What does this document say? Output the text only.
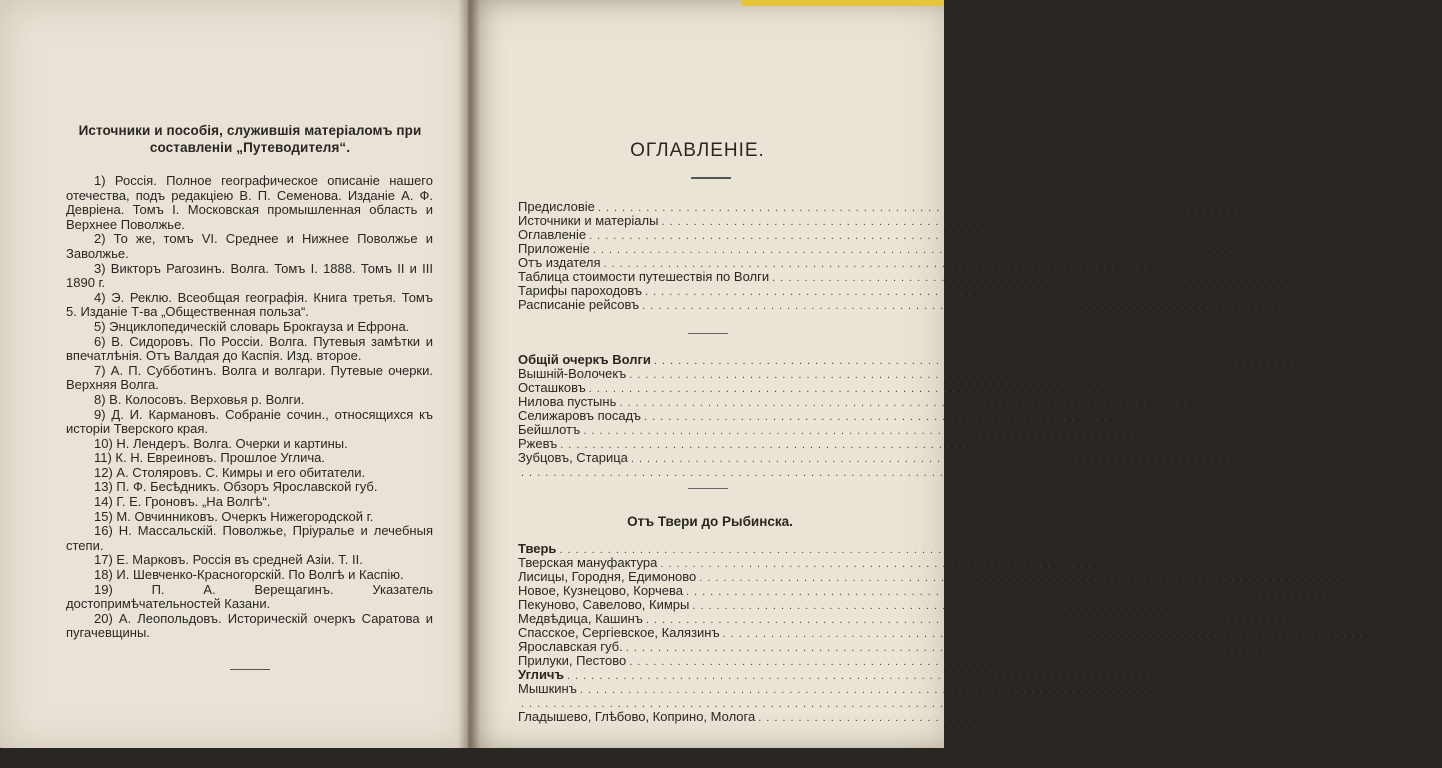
Источники и пособія, служившія матеріаломъ при
составленіи „Путеводителя“.

1) Россія. Полное географическое описаніе нашего отечества, подъ редакціею В. П. Семенова. Изданіе А. Ф. Девріена. Томъ I. Московская промышленная область и Верхнее Поволжье.

2) То же, томъ VI. Среднее и Нижнее Поволжье и Заволжье.

3) Викторъ Рагозинъ. Волга. Томъ I. 1888. Томъ II и III 1890 г.

4) Э. Реклю. Всеобщая географія. Книга третья. Томъ 5. Изданіе Т-ва „Общественная польза“.

5) Энциклопедическій словарь Брокгауза и Ефрона.

6) В. Сидоровъ. По Россіи. Волга. Путевыя замѣтки и впечатлѣнія. Отъ Валдая до Каспія. Изд. второе.

7) А. П. Субботинъ. Волга и волгари. Путевые очерки. Верхняя Волга.

8) В. Колосовъ. Верховья р. Волги.

9) Д. И. Кармановъ. Собраніе сочин., относящихся къ исторіи Тверского края.

10) Н. Лендеръ. Волга. Очерки и картины.

11) К. Н. Евреиновъ. Прошлое Углича.

12) А. Столяровъ. С. Кимры и его обитатели.

13) П. Ф. Бесѣдникъ. Обзоръ Ярославской губ.

14) Г. Е. Гроновъ. „На Волгѣ“.

15) М. Овчинниковъ. Очеркъ Нижегородской г.

16) Н. Массальскій. Поволжье, Пріуралье и лечебныя степи.

17) Е. Марковъ. Россія въ средней Азіи. Т. II.

18) И. Шевченко-Красногорскій. По Волгѣ и Каспію.

19) П. А. Верещагинъ. Указатель достопримѣчательностей Казани.

20) А. Леопольдовъ. Историческій очеркъ Саратова и пугачевщины.

ОГЛАВЛЕНІЕ.
Предисловіе ................................................................................	III
Источники и матеріалы ................................................................................ IV
Оглавленіе ................................................................................	V
Приложеніе ................................................................................ VIII
Отъ издателя ................................................................................ VIII
Таблица стоимости путешествія по Волги ................................................................................ IX
Тарифы пароходовъ ................................................................................	X
Расписаніе рейсовъ ................................................................................ XIII
Общій очеркъ Волги ................................................................................
Вышній-Волочекъ ................................................................................	1
Осташковъ ................................................................................ 18
Нилова пустынь ................................................................................ 20
Селижаровъ посадъ ................................................................................ 21
Бейшлотъ ................................................................................ 24
Ржевъ ................................................................................ 24
Зубцовъ, Старица ................................................................................ 26
................................................................................ 28
Отъ Твери до Рыбинска.
Тверь ................................................................................
Тверская мануфактура ................................................................................ 29
Лисицы, Городня, Едимоново ................................................................................ 37
Новое, Кузнецово, Корчева ................................................................................ 40
Пекуново, Савелово, Кимры ................................................................................ 41
Медвѣдица, Кашинъ ................................................................................ 42
Спасское, Сергіевское, Калязинъ ................................................................................ 45
Ярославская губ. ................................................................................ 48
Прилуки, Пестово ................................................................................ 50
Угличъ ................................................................................ 50
Мышкинъ ................................................................................ 51
................................................................................ 59
Гладышево, Глѣбово, Коприно, Молога ................................................................................ 60
